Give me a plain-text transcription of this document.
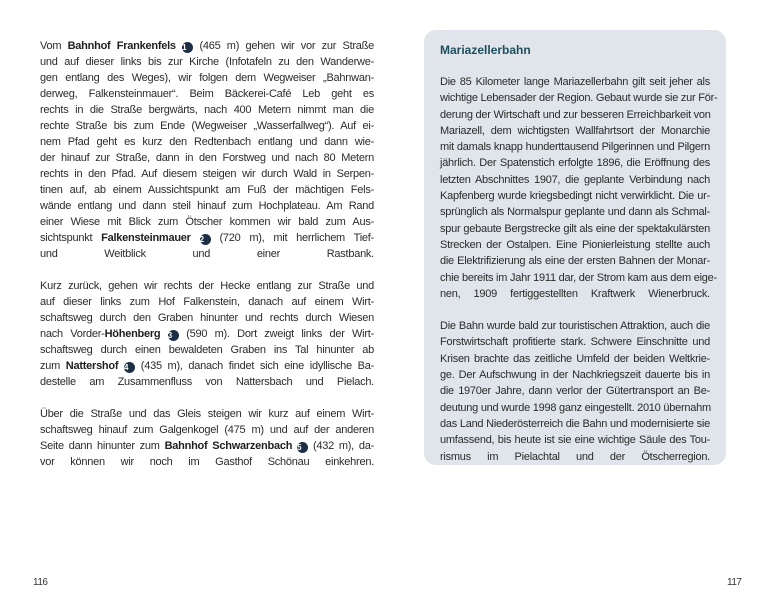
Vom Bahnhof Frankenfels 1 (465 m) gehen wir vor zur Straße
und auf dieser links bis zur Kirche (Infotafeln zu den Wanderwe-
gen entlang des Weges), wir folgen dem Wegweiser „Bahnwan-
derweg, Falkensteinmauer“. Beim Bäckerei-Café Leb geht es
rechts in die Straße bergwärts, nach 400 Metern nimmt man die
rechte Straße bis zum Ende (Wegweiser „Wasserfallweg“). Auf ei-
nem Pfad geht es kurz den Redtenbach entlang und dann wie-
der hinauf zur Straße, dann in den Forstweg und nach 80 Metern
rechts in den Pfad. Auf diesem steigen wir durch Wald in Serpen-
tinen auf, ab einem Aussichtspunkt am Fuß der mächtigen Fels-
wände entlang und dann steil hinauf zum Hochplateau. Am Rand
einer Wiese mit Blick zum Ötscher kommen wir bald zum Aus-
sichtspunkt Falkensteinmauer 2 (720 m), mit herrlichem Tief-
und Weitblick und einer Rastbank.
Kurz zurück, gehen wir rechts der Hecke entlang zur Straße und
auf dieser links zum Hof Falkenstein, danach auf einem Wirt-
schaftsweg durch den Graben hinunter und rechts durch Wiesen
nach Vorder-Höhenberg 3 (590 m). Dort zweigt links der Wirt-
schaftsweg durch einen bewaldeten Graben ins Tal hinunter ab
zum Nattershof 4 (435 m), danach findet sich eine idyllische Ba-
destelle am Zusammenfluss von Nattersbach und Pielach.
Über die Straße und das Gleis steigen wir kurz auf einem Wirt-
schaftsweg hinauf zum Galgenkogel (475 m) und auf der anderen
Seite dann hinunter zum Bahnhof Schwarzenbach 5 (432 m), da-
vor können wir noch im Gasthof Schönau einkehren.
Mariazellerbahn
Die 85 Kilometer lange Mariazellerbahn gilt seit jeher als
wichtige Lebensader der Region. Gebaut wurde sie zur För-
derung der Wirtschaft und zur besseren Erreichbarkeit von
Mariazell, dem wichtigsten Wallfahrtsort der Monarchie
mit damals knapp hunderttausend Pilgerinnen und Pilgern
jährlich. Der Spatenstich erfolgte 1896, die Eröffnung des
letzten Abschnittes 1907, die geplante Verbindung nach
Kapfenberg wurde kriegsbedingt nicht verwirklicht. Die ur-
sprünglich als Normalspur geplante und dann als Schmal-
spur gebaute Bergstrecke gilt als eine der spektakulärsten
Strecken der Ostalpen. Eine Pionierleistung stellte auch
die Elektrifizierung als eine der ersten Bahnen der Monar-
chie bereits im Jahr 1911 dar, der Strom kam aus dem eige-
nen, 1909 fertiggestellten Kraftwerk Wienerbruck.
Die Bahn wurde bald zur touristischen Attraktion, auch die
Forstwirtschaft profitierte stark. Schwere Einschnitte und
Krisen brachte das zeitliche Umfeld der beiden Weltkrie-
ge. Der Aufschwung in der Nachkriegszeit dauerte bis in
die 1970er Jahre, dann verlor der Gütertransport an Be-
deutung und wurde 1998 ganz eingestellt. 2010 übernahm
das Land Niederösterreich die Bahn und modernisierte sie
umfassend, bis heute ist sie eine wichtige Säule des Tou-
rismus im Pielachtal und der Ötscherregion.
116	117
